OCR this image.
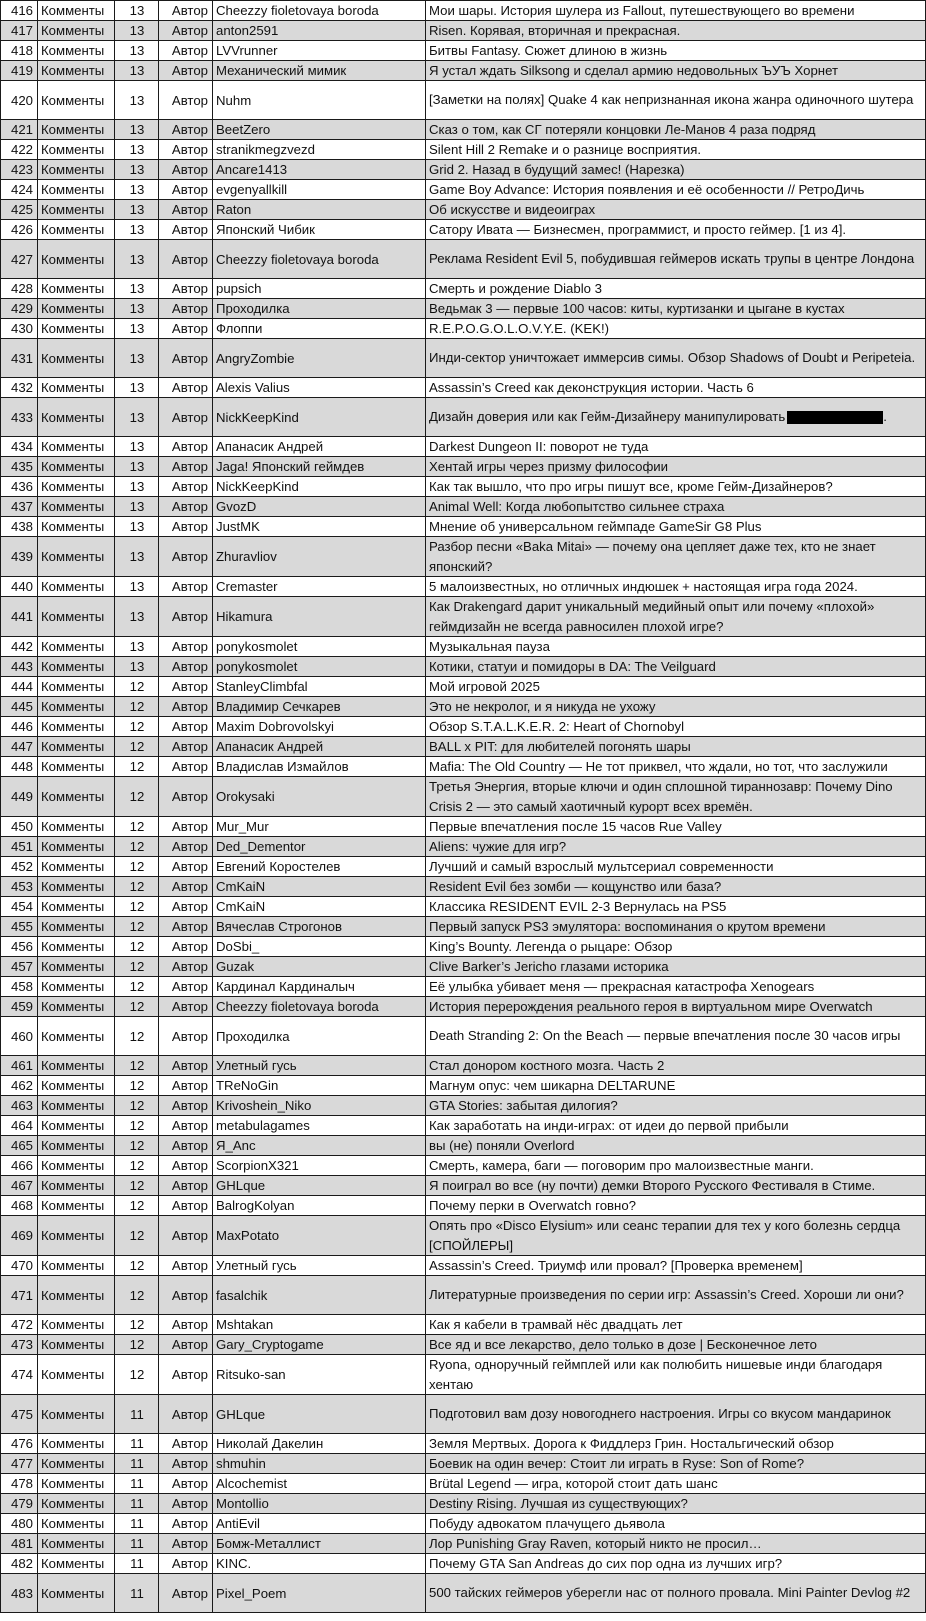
416	Комменты	13	Автор	Cheezzy fioletovaya boroda	Мои шары. История шулера из Fallout, путешествующего во времени
417	Комменты	13	Автор	anton2591	Risen. Корявая, вторичная и прекрасная.
418	Комменты	13	Автор	LVVrunner	Битвы Fantasy. Сюжет длиною в жизнь
419	Комменты	13	Автор	Механический мимик	Я устал ждать Silksong и сделал армию недовольных ЪУЪ Хорнет
420	Комменты	13	Автор	Nuhm	[Заметки на полях] Quake 4 как непризнанная икона жанра одиночного шутера
421	Комменты	13	Автор	BeetZero	Сказ о том, как СГ потеряли концовки Ле-Манов 4 раза подряд
422	Комменты	13	Автор	stranikmegzvezd	Silent Hill 2 Remake и о разнице восприятия.
423	Комменты	13	Автор	Ancare1413	Grid 2. Назад в будущий замес! (Нарезка)
424	Комменты	13	Автор	evgenyallkill	Game Boy Advance: История появления и её особенности // РетроДичь
425	Комменты	13	Автор	Raton	Об искусстве и видеоиграх
426	Комменты	13	Автор	Японский Чибик	Сатору Ивата — Бизнесмен, программист, и просто геймер. [1 из 4].
427	Комменты	13	Автор	Cheezzy fioletovaya boroda	Реклама Resident Evil 5, побудившая геймеров искать трупы в центре Лондона
428	Комменты	13	Автор	pupsich	Смерть и рождение Diablo 3
429	Комменты	13	Автор	Проходилка	Ведьмак 3 — первые 100 часов: киты, куртизанки и цыгане в кустах
430	Комменты	13	Автор	Флоппи	R.E.P.O.G.O.L.O.V.Y.E. (KEK!)
431	Комменты	13	Автор	AngryZombie	Инди-сектор уничтожает иммерсив симы. Обзор Shadows of Doubt и Peripeteia.
432	Комменты	13	Автор	Alexis Valius	Assassin’s Creed как деконструкция истории. Часть 6
433	Комменты	13	Автор	NickKeepKind	Дизайн доверия или как Гейм-Дизайнеру манипулировать .
434	Комменты	13	Автор	Апанасик Андрей	Darkest Dungeon II: поворот не туда
435	Комменты	13	Автор	Jaga! Японский геймдев	Хентай игры через призму философии
436	Комменты	13	Автор	NickKeepKind	Как так вышло, что про игры пишут все, кроме Гейм-Дизайнеров?
437	Комменты	13	Автор	GvozD	Animal Well: Когда любопытство сильнее страха
438	Комменты	13	Автор	JustMK	Мнение об универсальном геймпаде GameSir G8 Plus
439	Комменты	13	Автор	Zhuravliov	Разбор песни «Baka Mitai» — почему она цепляет даже тех, кто не знает японский?
440	Комменты	13	Автор	Cremaster	5 малоизвестных, но отличных индюшек + настоящая игра года 2024.
441	Комменты	13	Автор	Hikamura	Как Drakengard дарит уникальный медийный опыт или почему «плохой» геймдизайн не всегда равносилен плохой игре?
442	Комменты	13	Автор	ponykosmolet	Музыкальная пауза
443	Комменты	13	Автор	ponykosmolet	Котики, статуи и помидоры в DA: The Veilguard
444	Комменты	12	Автор	StanleyClimbfal	Мой игровой 2025
445	Комменты	12	Автор	Владимир Сечкарев	Это не некролог, и я никуда не ухожу
446	Комменты	12	Автор	Maxim Dobrovolskyi	Обзор S.T.A.L.K.E.R. 2: Heart of Chornobyl
447	Комменты	12	Автор	Апанасик Андрей	BALL x PIT: для любителей погонять шары
448	Комменты	12	Автор	Владислав Измайлов	Mafia: The Old Country — Не тот приквел, что ждали, но тот, что заслужили
449	Комменты	12	Автор	Orokysaki	Третья Энергия, вторые ключи и один сплошной тираннозавр: Почему Dino Crisis 2 — это самый хаотичный курорт всех времён.
450	Комменты	12	Автор	Mur_Mur	Первые впечатления после 15 часов Rue Valley
451	Комменты	12	Автор	Ded_Dementor	Aliens: чужие для игр?
452	Комменты	12	Автор	Евгений Коростелев	Лучший и самый взрослый мультсериал современности
453	Комменты	12	Автор	CmKaiN	Resident Evil без зомби — кощунство или база?
454	Комменты	12	Автор	CmKaiN	Классика RESIDENT EVIL 2-3 Вернулась на PS5
455	Комменты	12	Автор	Вячеслав Строгонов	Первый запуск PS3 эмулятора: воспоминания о крутом времени
456	Комменты	12	Автор	DoSbi_	King’s Bounty. Легенда о рыцаре: Обзор
457	Комменты	12	Автор	Guzak	Clive Barker’s Jericho глазами историка
458	Комменты	12	Автор	Кардинал Кардиналыч	Её улыбка убивает меня — прекрасная катастрофа Xenogears
459	Комменты	12	Автор	Cheezzy fioletovaya boroda	История перерождения реального героя в виртуальном мире Overwatch
460	Комменты	12	Автор	Проходилка	Death Stranding 2: On the Beach — первые впечатления после 30 часов игры
461	Комменты	12	Автор	Улетный гусь	Стал донором костного мозга. Часть 2
462	Комменты	12	Автор	TReNoGin	Магнум опус: чем шикарна DELTARUNE
463	Комменты	12	Автор	Krivoshein_Niko	GTA Stories: забытая дилогия?
464	Комменты	12	Автор	metabulagames	Как заработать на инди-играх: от идеи до первой прибыли
465	Комменты	12	Автор	Я_Anc	вы (не) поняли Overlord
466	Комменты	12	Автор	ScorpionX321	Смерть, камера, баги — поговорим про малоизвестные манги.
467	Комменты	12	Автор	GHLque	Я поиграл во все (ну почти) демки Второго Русского Фестиваля в Стиме.
468	Комменты	12	Автор	BalrogKolyan	Почему перки в Overwatch говно?
469	Комменты	12	Автор	MaxPotato	Опять про «Disco Elysium» или сеанс терапии для тех у кого болезнь сердца [СПОЙЛЕРЫ]
470	Комменты	12	Автор	Улетный гусь	Assassin’s Creed. Триумф или провал? [Проверка временем]
471	Комменты	12	Автор	fasalchik	Литературные произведения по серии игр: Assassin’s Creed. Хороши ли они?
472	Комменты	12	Автор	Mshtakan	Как я кабели в трамвай нёс двадцать лет
473	Комменты	12	Автор	Gary_Cryptogame	Все яд и все лекарство, дело только в дозе | Бесконечное лето
474	Комменты	12	Автор	Ritsuko-san	Ryona, одноручный геймплей или как полюбить нишевые инди благодаря хентаю
475	Комменты	11	Автор	GHLque	Подготовил вам дозу новогоднего настроения. Игры со вкусом мандаринок
476	Комменты	11	Автор	Николай Дакелин	Земля Мертвых. Дорога к Фиддлерз Грин. Ностальгический обзор
477	Комменты	11	Автор	shmuhin	Боевик на один вечер: Стоит ли играть в Ryse: Son of Rome?
478	Комменты	11	Автор	Alcochemist	Brütal Legend — игра, которой стоит дать шанс
479	Комменты	11	Автор	Montollio	Destiny Rising. Лучшая из существующих?
480	Комменты	11	Автор	AntiEvil	Побуду адвокатом плачущего дьявола
481	Комменты	11	Автор	Бомж-Металлист	Лор Punishing Gray Raven, который никто не просил…
482	Комменты	11	Автор	KINC.	Почему GTA San Andreas до сих пор одна из лучших игр?
483	Комменты	11	Автор	Pixel_Poem	500 тайских геймеров уберегли нас от полного провала. Mini Painter Devlog #2
